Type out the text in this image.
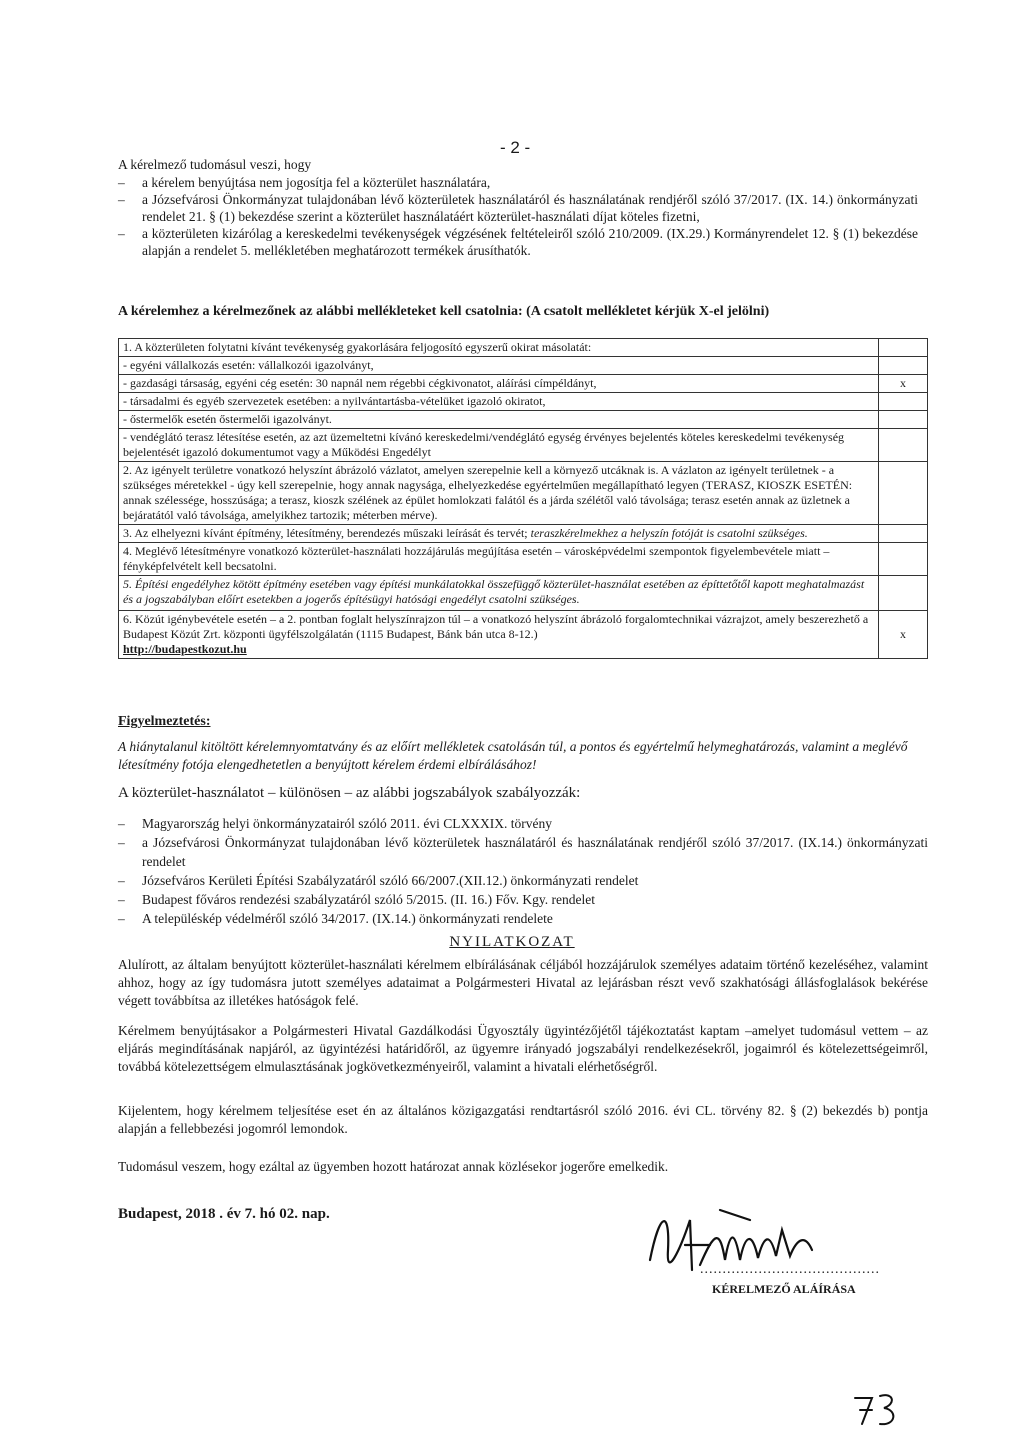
- 2 -
A kérelmező tudomásul veszi, hogy
– a kérelem benyújtása nem jogosítja fel a közterület használatára,
– a Józsefvárosi Önkormányzat tulajdonában lévő közterületek használatáról és használatának rendjéről szóló 37/2017. (IX. 14.) önkormányzati rendelet 21. § (1) bekezdése szerint a közterület használatáért közterület-használati díjat köteles fizetni,
– a közterületen kizárólag a kereskedelmi tevékenységek végzésének feltételeiről szóló 210/2009. (IX.29.) Kormányrendelet 12. § (1) bekezdése alapján a rendelet 5. mellékletében meghatározott termékek árusíthatók.
A kérelemhez a kérelmezőnek az alábbi mellékleteket kell csatolnia: (A csatolt mellékletet kérjük X-el jelölni)
1. A közterületen folytatni kívánt tevékenység gyakorlására feljogosító egyszerű okirat másolatát:	
- egyéni vállalkozás esetén: vállalkozói igazolványt,	
- gazdasági társaság, egyéni cég esetén: 30 napnál nem régebbi cégkivonatot, aláírási címpéldányt,	x
- társadalmi és egyéb szervezetek esetében: a nyilvántartásba-vételüket igazoló okiratot,	
- őstermelők esetén őstermelői igazolványt.	
- vendéglátó terasz létesítése esetén, az azt üzemeltetni kívánó kereskedelmi/vendéglátó egység érvényes bejelentés köteles kereskedelmi tevékenység bejelentését igazoló dokumentumot vagy a Működési Engedélyt	
2. Az igényelt területre vonatkozó helyszínt ábrázoló vázlatot, amelyen szerepelnie kell a környező utcáknak is. A vázlaton az igényelt területnek - a szükséges méretekkel - úgy kell szerepelnie, hogy annak nagysága, elhelyezkedése egyértelműen megállapítható legyen (TERASZ, KIOSZK ESETÉN: annak szélessége, hosszúsága; a terasz, kioszk szélének az épület homlokzati falától és a járda szélétől való távolsága; terasz esetén annak az üzletnek a bejáratától való távolsága, amelyikhez tartozik; méterben mérve).	
3. Az elhelyezni kívánt építmény, létesítmény, berendezés műszaki leírását és tervét; teraszkérelmekhez a helyszín fotóját is csatolni szükséges.	
4. Meglévő létesítményre vonatkozó közterület-használati hozzájárulás megújítása esetén – városképvédelmi szempontok figyelembevétele miatt – fényképfelvételt kell becsatolni.	
5. Építési engedélyhez kötött építmény esetében vagy építési munkálatokkal összefüggő közterület-használat esetében az építtetőtől kapott meghatalmazást és a jogszabályban előírt esetekben a jogerős építésügyi hatósági engedélyt csatolni szükséges.	
6. Közút igénybevétele esetén – a 2. pontban foglalt helyszínrajzon túl – a vonatkozó helyszínt ábrázoló forgalomtechnikai vázrajzot, amely beszerezhető a Budapest Közút Zrt. központi ügyfélszolgálatán (1115 Budapest, Bánk bán utca 8-12.)
http://budapestkozut.hu	x
Figyelmeztetés:
A hiánytalanul kitöltött kérelemnyomtatvány és az előírt mellékletek csatolásán túl, a pontos és egyértelmű helymeghatározás, valamint a meglévő létesítmény fotója elengedhetetlen a benyújtott kérelem érdemi elbírálásához!
A közterület-használatot – különösen – az alábbi jogszabályok szabályozzák:
– Magyarország helyi önkormányzatairól szóló 2011. évi CLXXXIX. törvény
– a Józsefvárosi Önkormányzat tulajdonában lévő közterületek használatáról és használatának rendjéről szóló 37/2017. (IX.14.) önkormányzati rendelet
– Józsefváros Kerületi Építési Szabályzatáról szóló 66/2007.(XII.12.) önkormányzati rendelet
– Budapest főváros rendezési szabályzatáról szóló 5/2015. (II. 16.) Főv. Kgy. rendelet
– A településkép védelméről szóló 34/2017. (IX.14.) önkormányzati rendelete
NYILATKOZAT
Alulírott, az általam benyújtott közterület-használati kérelmem elbírálásának céljából hozzájárulok személyes adataim történő kezeléséhez, valamint ahhoz, hogy az így tudomásra jutott személyes adataimat a Polgármesteri Hivatal az lejárásban részt vevő szakhatósági állásfoglalások bekérése végett továbbítsa az illetékes hatóságok felé.
Kérelmem benyújtásakor a Polgármesteri Hivatal Gazdálkodási Ügyosztály ügyintézőjétől tájékoztatást kaptam –amelyet tudomásul vettem – az eljárás megindításának napjáról, az ügyintézési határidőről, az ügyemre irányadó jogszabályi rendelkezésekről, jogaimról és kötelezettségeimről, továbbá kötelezettségem elmulasztásának jogkövetkezményeiről, valamint a hivatali elérhetőségről.
Kijelentem, hogy kérelmem teljesítése eset én az általános közigazgatási rendtartásról szóló 2016. évi CL. törvény 82. § (2) bekezdés b) pontja alapján a fellebbezési jogomról lemondok.
Tudomásul veszem, hogy ezáltal az ügyemben hozott határozat annak közlésekor jogerőre emelkedik.
Budapest, 2018 . év 7. hó 02. nap.
........................................
KÉRELMEZŐ ALÁÍRÁSA
